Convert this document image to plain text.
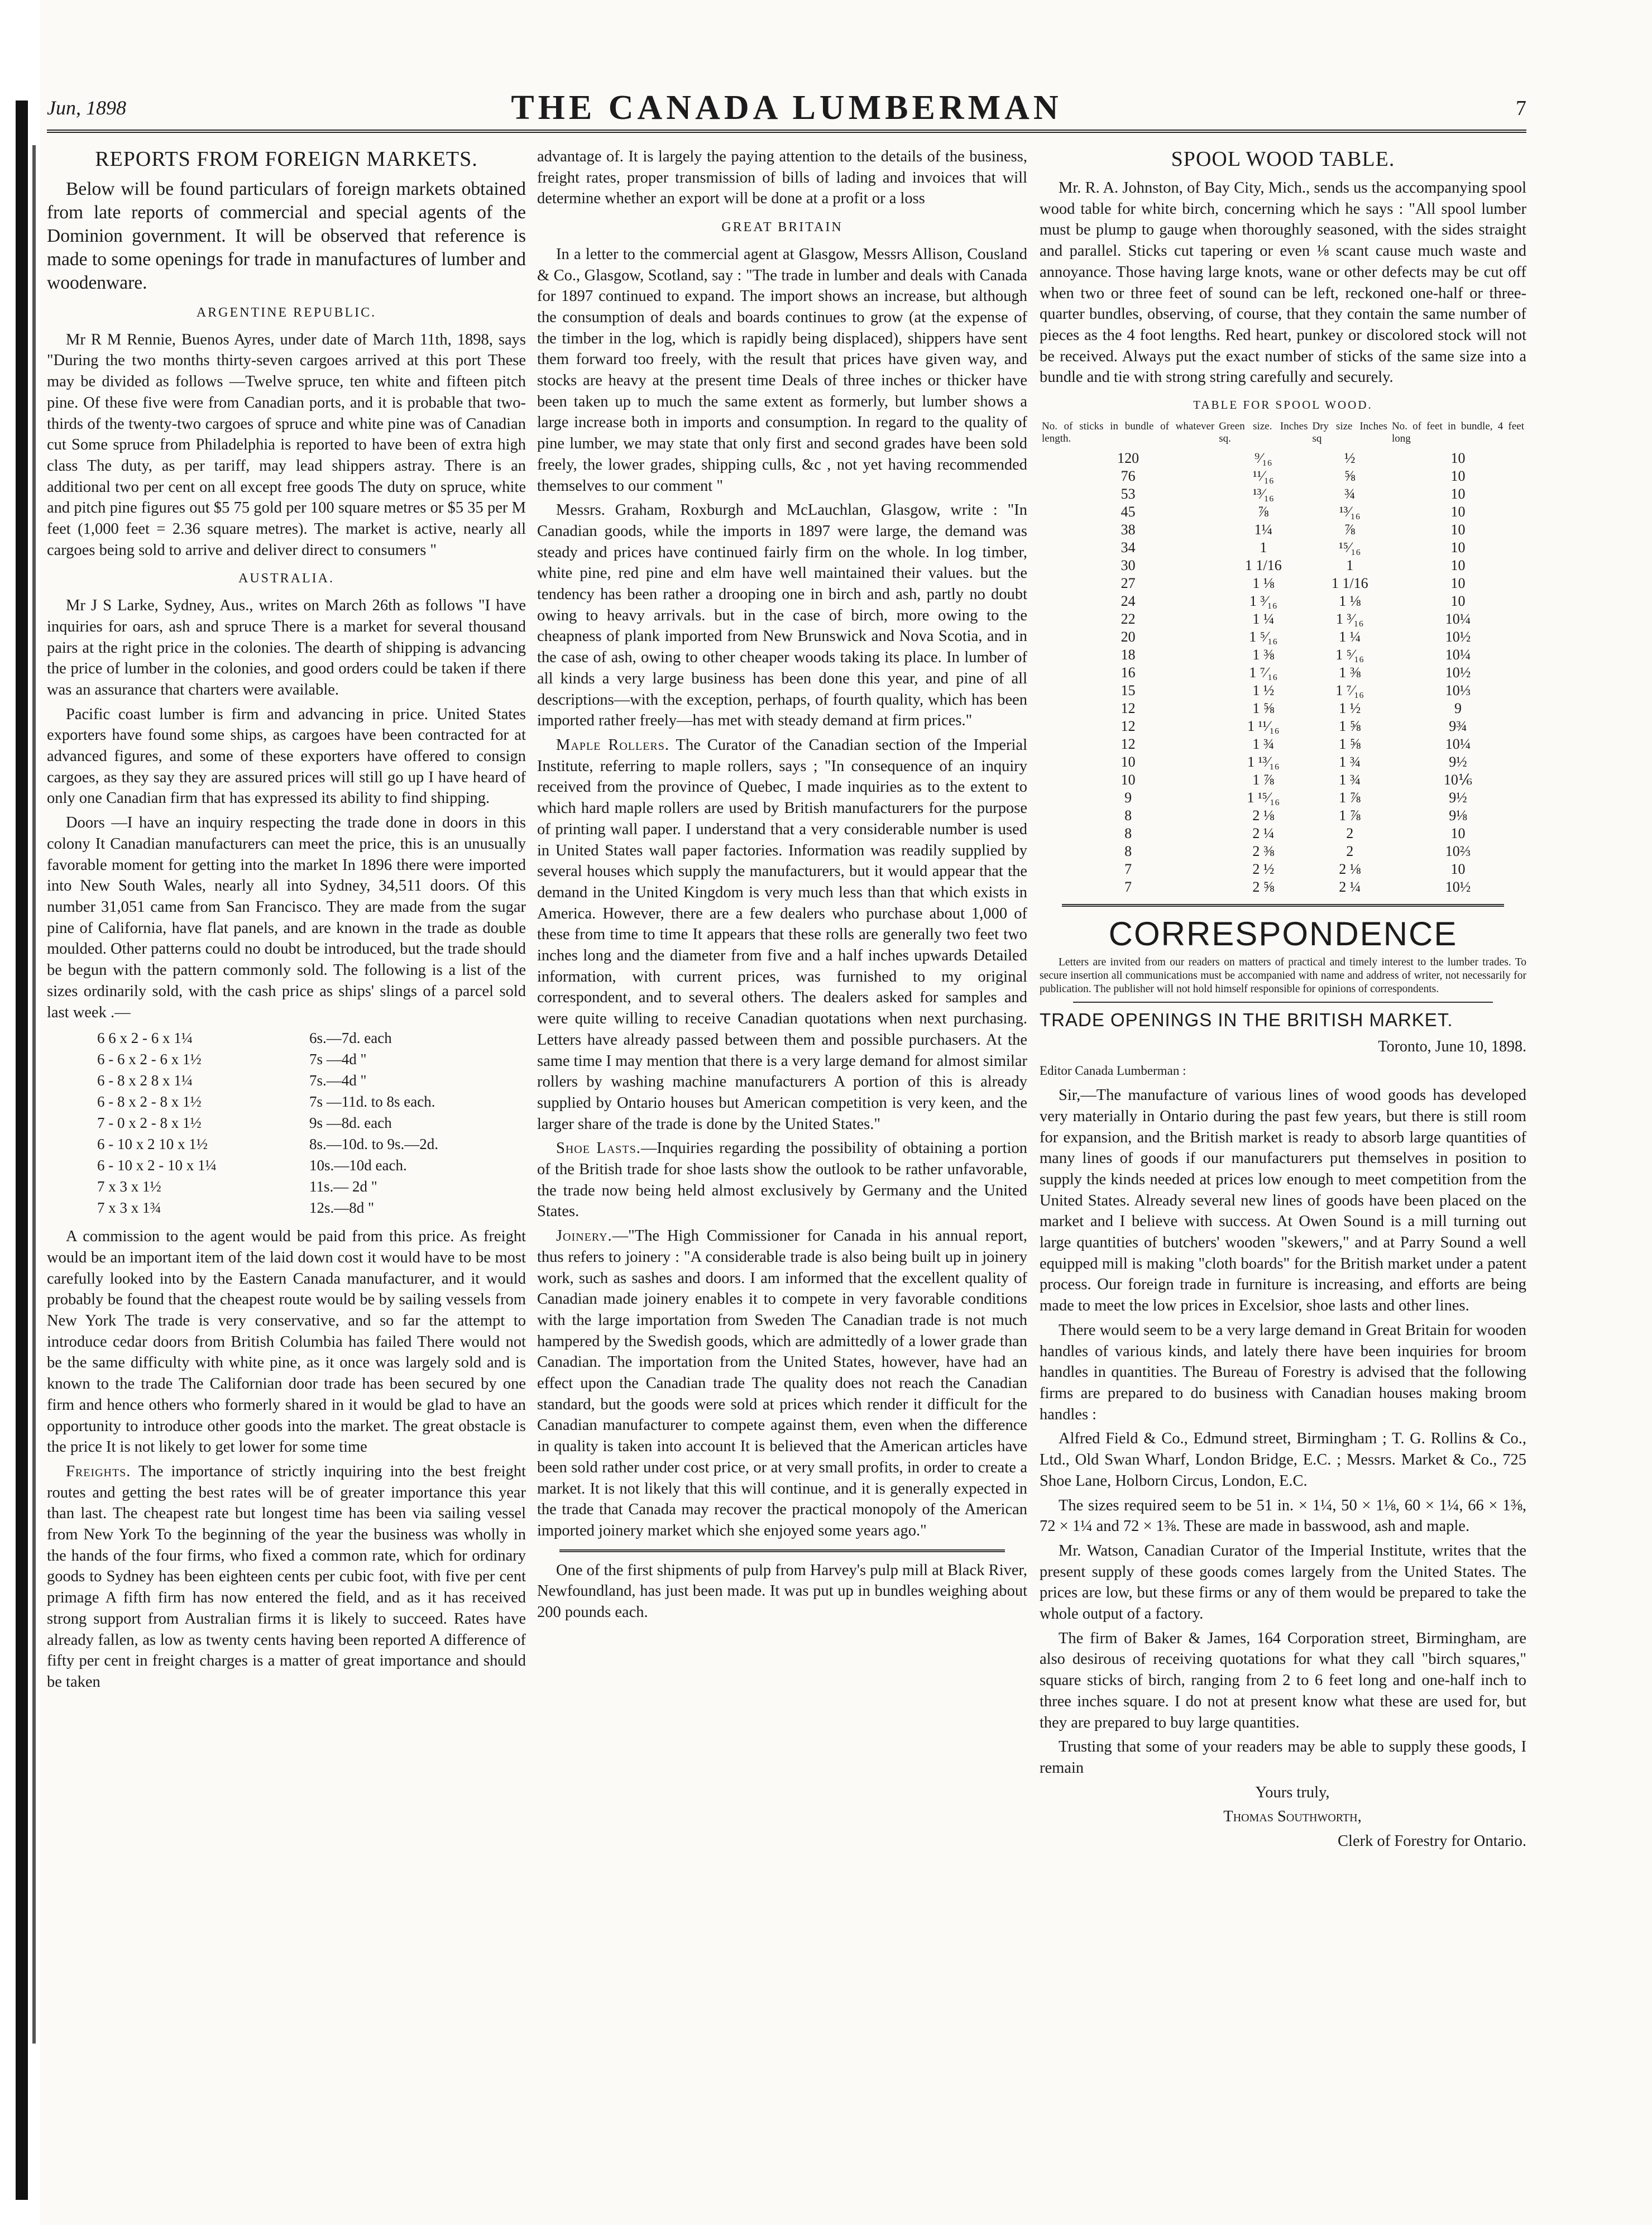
Jun, 1898	THE CANADA LUMBERMAN	7
REPORTS FROM FOREIGN MARKETS.

Below will be found particulars of foreign markets obtained from late reports of commercial and special agents of the Dominion government. It will be observed that reference is made to some openings for trade in manufactures of lumber and woodenware.

ARGENTINE REPUBLIC.

Mr R M Rennie, Buenos Ayres, under date of March 11th, 1898, says "During the two months thirty-seven cargoes arrived at this port These may be divided as follows —Twelve spruce, ten white and fifteen pitch pine. Of these five were from Canadian ports, and it is probable that two-thirds of the twenty-two cargoes of spruce and white pine was of Canadian cut Some spruce from Philadelphia is reported to have been of extra high class The duty, as per tariff, may lead shippers astray. There is an additional two per cent on all except free goods The duty on spruce, white and pitch pine figures out $5 75 gold per 100 square metres or $5 35 per M feet (1,000 feet = 2.36 square metres). The market is active, nearly all cargoes being sold to arrive and deliver direct to consumers "

AUSTRALIA.

Mr J S Larke, Sydney, Aus., writes on March 26th as follows "I have inquiries for oars, ash and spruce There is a market for several thousand pairs at the right price in the colonies. The dearth of shipping is advancing the price of lumber in the colonies, and good orders could be taken if there was an assurance that charters were available.

Pacific coast lumber is firm and advancing in price. United States exporters have found some ships, as cargoes have been contracted for at advanced figures, and some of these exporters have offered to consign cargoes, as they say they are assured prices will still go up I have heard of only one Canadian firm that has expressed its ability to find shipping.

Doors —I have an inquiry respecting the trade done in doors in this colony It Canadian manufacturers can meet the price, this is an unusually favorable moment for getting into the market In 1896 there were imported into New South Wales, nearly all into Sydney, 34,511 doors. Of this number 31,051 came from San Francisco. They are made from the sugar pine of California, have flat panels, and are known in the trade as double moulded. Other patterns could no doubt be introduced, but the trade should be begun with the pattern commonly sold. The following is a list of the sizes ordinarily sold, with the cash price as ships' slings of a parcel sold last week .—

6 6 x 2 - 6 x 1¼	6s.—7d. each
6 - 6 x 2 - 6 x 1½	7s —4d "
6 - 8 x 2 8 x 1¼	7s.—4d "
6 - 8 x 2 - 8 x 1½	7s —11d. to 8s each.
7 - 0 x 2 - 8 x 1½	9s —8d. each
6 - 10 x 2 10 x 1½	8s.—10d. to 9s.—2d.
6 - 10 x 2 - 10 x 1¼	10s.—10d each.
7 x 3 x 1½	11s.— 2d "
7 x 3 x 1¾	12s.—8d "

A commission to the agent would be paid from this price. As freight would be an important item of the laid down cost it would have to be most carefully looked into by the Eastern Canada manufacturer, and it would probably be found that the cheapest route would be by sailing vessels from New York The trade is very conservative, and so far the attempt to introduce cedar doors from British Columbia has failed There would not be the same difficulty with white pine, as it once was largely sold and is known to the trade The Californian door trade has been secured by one firm and hence others who formerly shared in it would be glad to have an opportunity to introduce other goods into the market. The great obstacle is the price It is not likely to get lower for some time

Freights. The importance of strictly inquiring into the best freight routes and getting the best rates will be of greater importance this year than last. The cheapest rate but longest time has been via sailing vessel from New York To the beginning of the year the business was wholly in the hands of the four firms, who fixed a common rate, which for ordinary goods to Sydney has been eighteen cents per cubic foot, with five per cent primage A fifth firm has now entered the field, and as it has received strong support from Australian firms it is likely to succeed. Rates have already fallen, as low as twenty cents having been reported A difference of fifty per cent in freight charges is a matter of great importance and should be taken

advantage of. It is largely the paying attention to the details of the business, freight rates, proper transmission of bills of lading and invoices that will determine whether an export will be done at a profit or a loss

GREAT BRITAIN

In a letter to the commercial agent at Glasgow, Messrs Allison, Cousland & Co., Glasgow, Scotland, say : "The trade in lumber and deals with Canada for 1897 continued to expand. The import shows an increase, but although the consumption of deals and boards continues to grow (at the expense of the timber in the log, which is rapidly being displaced), shippers have sent them forward too freely, with the result that prices have given way, and stocks are heavy at the present time Deals of three inches or thicker have been taken up to much the same extent as formerly, but lumber shows a large increase both in imports and consumption. In regard to the quality of pine lumber, we may state that only first and second grades have been sold freely, the lower grades, shipping culls, &c , not yet having recommended themselves to our comment "

Messrs. Graham, Roxburgh and McLauchlan, Glasgow, write : "In Canadian goods, while the imports in 1897 were large, the demand was steady and prices have continued fairly firm on the whole. In log timber, white pine, red pine and elm have well maintained their values. but the tendency has been rather a drooping one in birch and ash, partly no doubt owing to heavy arrivals. but in the case of birch, more owing to the cheapness of plank imported from New Brunswick and Nova Scotia, and in the case of ash, owing to other cheaper woods taking its place. In lumber of all kinds a very large business has been done this year, and pine of all descriptions—with the exception, perhaps, of fourth quality, which has been imported rather freely—has met with steady demand at firm prices."

Maple Rollers. The Curator of the Canadian section of the Imperial Institute, referring to maple rollers, says ; "In consequence of an inquiry received from the province of Quebec, I made inquiries as to the extent to which hard maple rollers are used by British manufacturers for the purpose of printing wall paper. I understand that a very considerable number is used in United States wall paper factories. Information was readily supplied by several houses which supply the manufacturers, but it would appear that the demand in the United Kingdom is very much less than that which exists in America. However, there are a few dealers who purchase about 1,000 of these from time to time It appears that these rolls are generally two feet two inches long and the diameter from five and a half inches upwards Detailed information, with current prices, was furnished to my original correspondent, and to several others. The dealers asked for samples and were quite willing to receive Canadian quotations when next purchasing. Letters have already passed between them and possible purchasers. At the same time I may mention that there is a very large demand for almost similar rollers by washing machine manufacturers A portion of this is already supplied by Ontario houses but American competition is very keen, and the larger share of the trade is done by the United States."

Shoe Lasts.—Inquiries regarding the possibility of obtaining a portion of the British trade for shoe lasts show the outlook to be rather unfavorable, the trade now being held almost exclusively by Germany and the United States.

Joinery.—"The High Commissioner for Canada in his annual report, thus refers to joinery : "A considerable trade is also being built up in joinery work, such as sashes and doors. I am informed that the excellent quality of Canadian made joinery enables it to compete in very favorable conditions with the large importation from Sweden The Canadian trade is not much hampered by the Swedish goods, which are admittedly of a lower grade than Canadian. The importation from the United States, however, have had an effect upon the Canadian trade The quality does not reach the Canadian standard, but the goods were sold at prices which render it difficult for the Canadian manufacturer to compete against them, even when the difference in quality is taken into account It is believed that the American articles have been sold rather under cost price, or at very small profits, in order to create a market. It is not likely that this will continue, and it is generally expected in the trade that Canada may recover the practical monopoly of the American imported joinery market which she enjoyed some years ago."

One of the first shipments of pulp from Harvey's pulp mill at Black River, Newfoundland, has just been made. It was put up in bundles weighing about 200 pounds each.

SPOOL WOOD TABLE.

Mr. R. A. Johnston, of Bay City, Mich., sends us the accompanying spool wood table for white birch, concerning which he says : "All spool lumber must be plump to gauge when thoroughly seasoned, with the sides straight and parallel. Sticks cut tapering or even ⅛ scant cause much waste and annoyance. Those having large knots, wane or other defects may be cut off when two or three feet of sound can be left, reckoned one-half or three-quarter bundles, observing, of course, that they contain the same number of pieces as the 4 foot lengths. Red heart, punkey or discolored stock will not be received. Always put the exact number of sticks of the same size into a bundle and tie with strong string carefully and securely.

TABLE FOR SPOOL WOOD.
No. of sticks in bundle of whatever length.	Green size. Inches sq.	Dry size Inches sq	No. of feet in bundle, 4 feet long
120	⁹⁄₁₆	½	10
76	¹¹⁄₁₆	⅝	10
53	¹³⁄₁₆	¾	10
45	⅞	¹³⁄₁₆	10
38	1¼	⅞	10
34	1	¹⁵⁄₁₆	10
30	1 1/16	1	10
27	1 ⅛	1 1/16	10
24	1 ³⁄₁₆	1 ⅛	10
22	1 ¼	1 ³⁄₁₆	10¼
20	1 ⁵⁄₁₆	1 ¼	10½
18	1 ⅜	1 ⁵⁄₁₆	10¼
16	1 ⁷⁄₁₆	1 ⅜	10½
15	1 ½	1 ⁷⁄₁₆	10⅓
12	1 ⅝	1 ½	9
12	1 ¹¹⁄₁₆	1 ⅝	9¾
12	1 ¾	1 ⅝	10¼
10	1 ¹³⁄₁₆	1 ¾	9½
10	1 ⅞	1 ¾	10⅙
9	1 ¹⁵⁄₁₆	1 ⅞	9½
8	2 ⅛	1 ⅞	9⅛
8	2 ¼	2	10
8	2 ⅜	2	10⅔
7	2 ½	2 ⅛	10
7	2 ⅝	2 ¼	10½
CORRESPONDENCE

Letters are invited from our readers on matters of practical and timely interest to the lumber trades. To secure insertion all communications must be accompanied with name and address of writer, not necessarily for publication. The publisher will not hold himself responsible for opinions of correspondents.

TRADE OPENINGS IN THE BRITISH MARKET.

Toronto, June 10, 1898.

Editor Canada Lumberman :

Sir,—The manufacture of various lines of wood goods has developed very materially in Ontario during the past few years, but there is still room for expansion, and the British market is ready to absorb large quantities of many lines of goods if our manufacturers put themselves in position to supply the kinds needed at prices low enough to meet competition from the United States. Already several new lines of goods have been placed on the market and I believe with success. At Owen Sound is a mill turning out large quantities of butchers' wooden "skewers," and at Parry Sound a well equipped mill is making "cloth boards" for the British market under a patent process. Our foreign trade in furniture is increasing, and efforts are being made to meet the low prices in Excelsior, shoe lasts and other lines.

There would seem to be a very large demand in Great Britain for wooden handles of various kinds, and lately there have been inquiries for broom handles in quantities. The Bureau of Forestry is advised that the following firms are prepared to do business with Canadian houses making broom handles :

Alfred Field & Co., Edmund street, Birmingham ; T. G. Rollins & Co., Ltd., Old Swan Wharf, London Bridge, E.C. ; Messrs. Market & Co., 725 Shoe Lane, Holborn Circus, London, E.C.

The sizes required seem to be 51 in. × 1¼, 50 × 1⅛, 60 × 1¼, 66 × 1⅜, 72 × 1¼ and 72 × 1⅜. These are made in basswood, ash and maple.

Mr. Watson, Canadian Curator of the Imperial Institute, writes that the present supply of these goods comes largely from the United States. The prices are low, but these firms or any of them would be prepared to take the whole output of a factory.

The firm of Baker & James, 164 Corporation street, Birmingham, are also desirous of receiving quotations for what they call "birch squares," square sticks of birch, ranging from 2 to 6 feet long and one-half inch to three inches square. I do not at present know what these are used for, but they are prepared to buy large quantities.

Trusting that some of your readers may be able to supply these goods, I remain

Yours truly,

Thomas Southworth,

Clerk of Forestry for Ontario.
